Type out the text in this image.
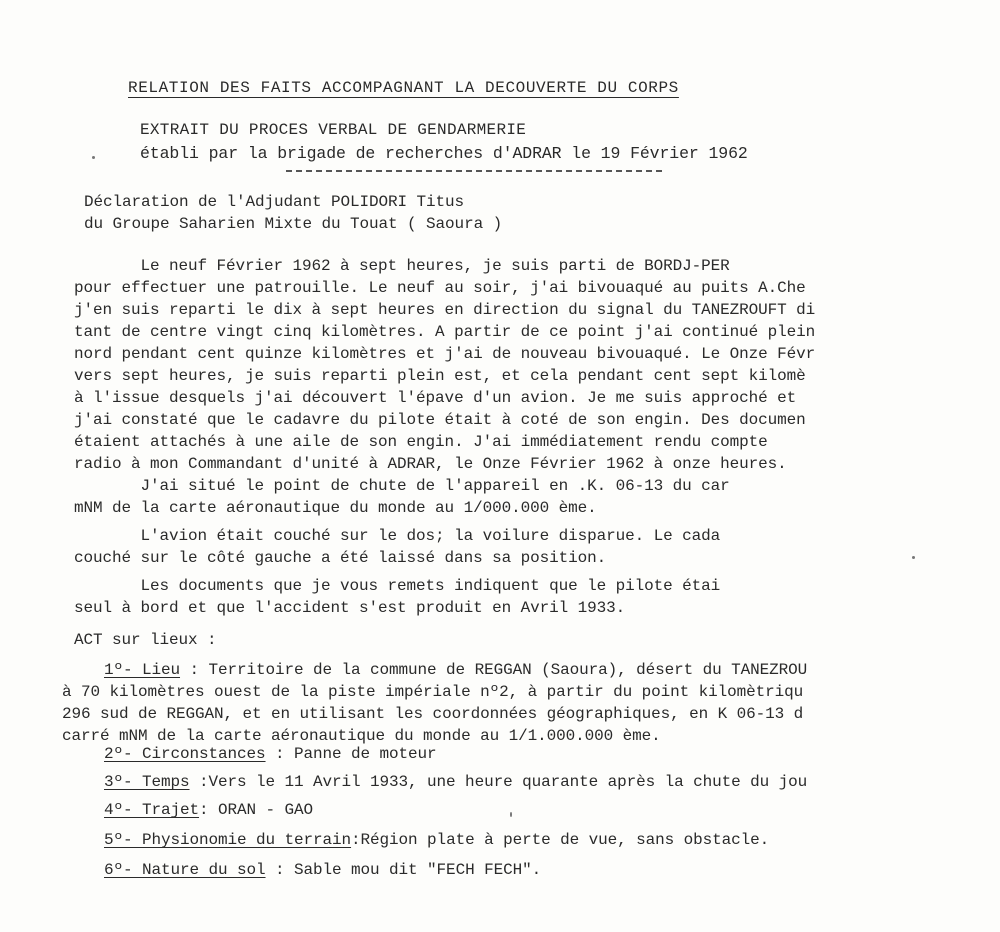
RELATION DES FAITS ACCOMPAGNANT LA DECOUVERTE DU CORPS
EXTRAIT DU PROCES VERBAL DE GENDARMERIE
établi par la brigade de recherches d'ADRAR le 19 Février 1962
Déclaration de l'Adjudant POLIDORI Titus
du Groupe Saharien Mixte du Touat ( Saoura )
Le neuf Février 1962 à sept heures, je suis parti de BORDJ-PER
pour effectuer une patrouille. Le neuf au soir, j'ai bivouaqué au puits A.Che
j'en suis reparti le dix à sept heures en direction du signal du TANEZROUFT di
tant de centre vingt cinq kilomètres. A partir de ce point j'ai continué plein
nord pendant cent quinze kilomètres et j'ai de nouveau bivouaqué. Le Onze Févr
vers sept heures, je suis reparti plein est, et cela pendant cent sept kilomè
à l'issue desquels j'ai découvert l'épave d'un avion. Je me suis approché et
j'ai constaté que le cadavre du pilote était à coté de son engin. Des documen
étaient attachés à une aile de son engin. J'ai immédiatement rendu compte
radio à mon Commandant d'unité à ADRAR, le Onze Février 1962 à onze heures.
J'ai situé le point de chute de l'appareil en .K. 06-13 du car
mNM de la carte aéronautique du monde au 1/000.000 ème.
L'avion était couché sur le dos; la voilure disparue. Le cada
couché sur le côté gauche a été laissé dans sa position.
Les documents que je vous remets indiquent que le pilote étai
seul à bord et que l'accident s'est produit en Avril 1933.
ACT sur lieux :
1º- Lieu : Territoire de la commune de REGGAN (Saoura), désert du TANEZROU
à 70 kilomètres ouest de la piste impériale nº2, à partir du point kilomètriqu
296 sud de REGGAN, et en utilisant les coordonnées géographiques, en K 06-13 d
carré mNM de la carte aéronautique du monde au 1/1.000.000 ème.
2º- Circonstances : Panne de moteur
3º- Temps :Vers le 11 Avril 1933, une heure quarante après la chute du jou
4º- Trajet: ORAN - GAO
5º- Physionomie du terrain:Région plate à perte de vue, sans obstacle.
6º- Nature du sol : Sable mou dit "FECH FECH".
